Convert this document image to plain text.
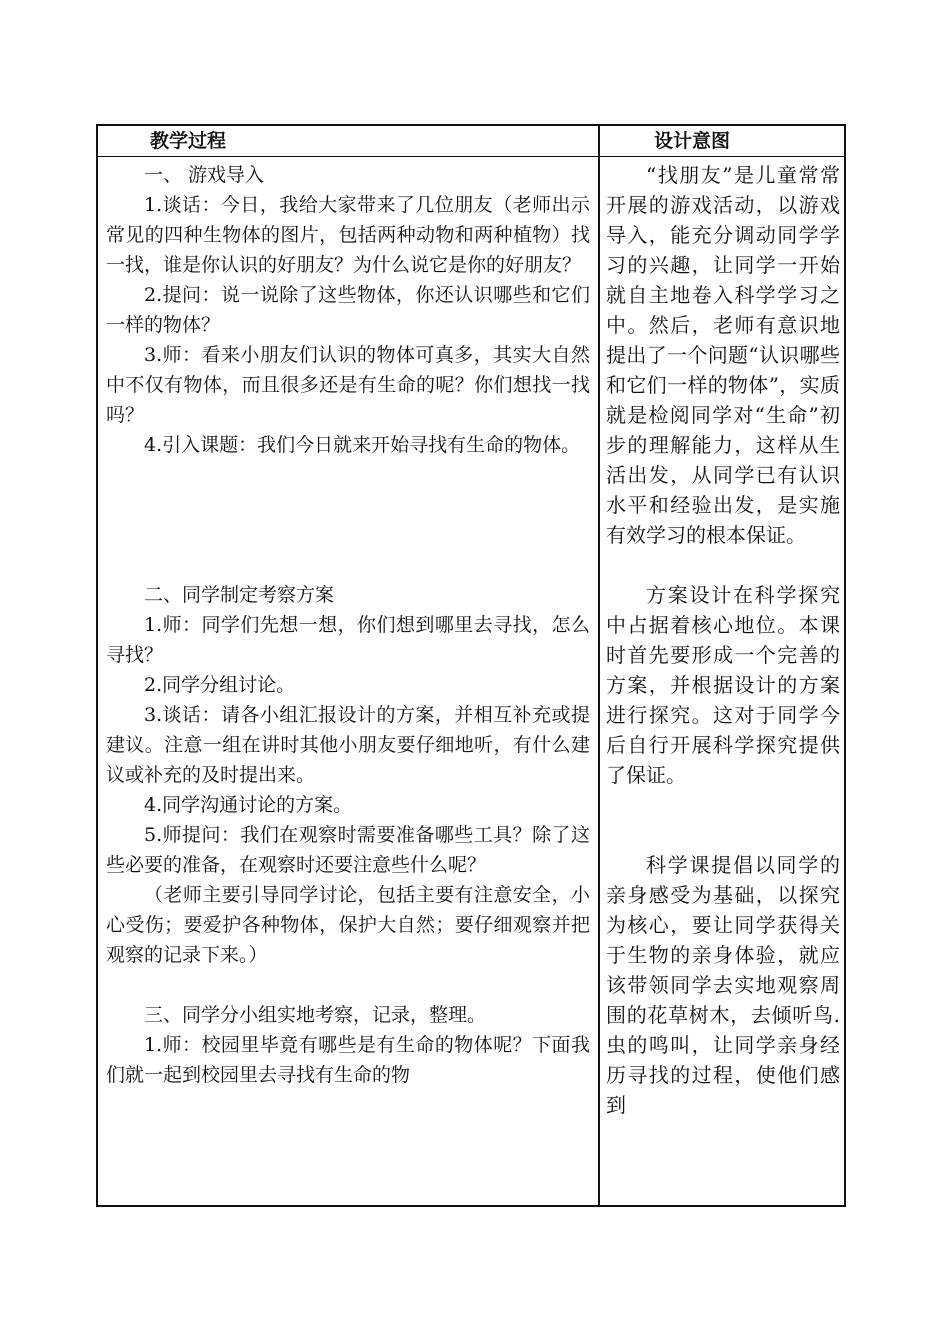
教学过程	设计意图

一、 游戏导入

1.谈话：今日，我给大家带来了几位朋友（老师出示常见的四种生物体的图片，包括两种动物和两种植物）找一找，谁是你认识的好朋友？为什么说它是你的好朋友？

2.提问：说一说除了这些物体，你还认识哪些和它们一样的物体？

3.师：看来小朋友们认识的物体可真多，其实大自然中不仅有物体，而且很多还是有生命的呢？你们想找一找吗？

4.引入课题：我们今日就来开始寻找有生命的物体。

二、同学制定考察方案

1.师：同学们先想一想，你们想到哪里去寻找，怎么寻找？

2.同学分组讨论。

3.谈话：请各小组汇报设计的方案，并相互补充或提建议。注意一组在讲时其他小朋友要仔细地听，有什么建议或补充的及时提出来。

4.同学沟通讨论的方案。

5.师提问：我们在观察时需要准备哪些工具？除了这些必要的准备，在观察时还要注意些什么呢？

（老师主要引导同学讨论，包括主要有注意安全，小心受伤；要爱护各种物体，保护大自然；要仔细观察并把观察的记录下来。）

三、同学分小组实地考察，记录，整理。

1.师：校园里毕竟有哪些是有生命的物体呢？下面我们就一起到校园里去寻找有生命的物

“找朋友”是儿童常常开展的游戏活动，以游戏导入，能充分调动同学学习的兴趣，让同学一开始就自主地卷入科学学习之中。然后，老师有意识地提出了一个问题“认识哪些和它们一样的物体”，实质就是检阅同学对“生命”初步的理解能力，这样从生活出发，从同学已有认识水平和经验出发，是实施有效学习的根本保证。

方案设计在科学探究中占据着核心地位。本课时首先要形成一个完善的方案，并根据设计的方案进行探究。这对于同学今后自行开展科学探究提供了保证。

科学课提倡以同学的亲身感受为基础，以探究为核心，要让同学获得关于生物的亲身体验，就应该带领同学去实地观察周围的花草树木，去倾听鸟.虫的鸣叫，让同学亲身经历寻找的过程，使他们感到
